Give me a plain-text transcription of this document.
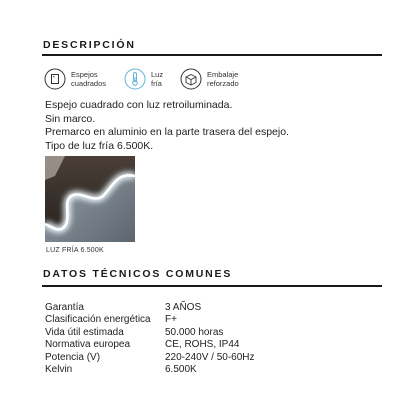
DESCRIPCIÓN
Espejos
cuadrados
Luz
fría
Embalaje
reforzado
Espejo cuadrado con luz retroiluminada.
Sin marco.
Premarco en aluminio en la parte trasera del espejo.
Tipo de luz fría 6.500K.
LUZ FRÍA 6.500K
DATOS TÉCNICOS COMUNES
Garantía	3 AÑOS
Clasificación energética F+
Vida útil estimada	50.000 horas
Normativa europea	CE, ROHS, IP44
Potencia (V)	220-240V / 50-60Hz
Kelvin	6.500K
